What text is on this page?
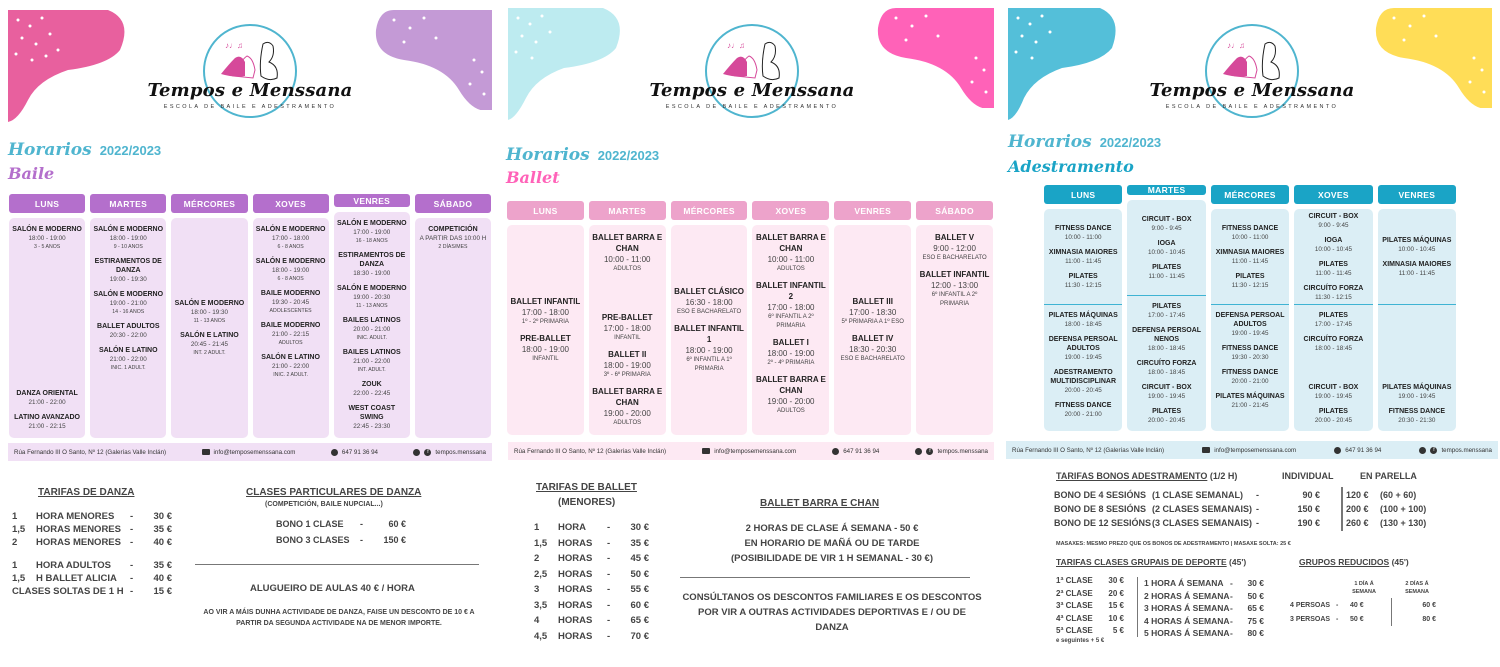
♪♩♫
Tempos e Menssana
ESCOLA DE BAILE E ADESTRAMENTO
Horarios 2022/2023
Baile
LUNS
SALÓN E MODERNO
18:00 - 19:00
3 - 5 ANOS
DANZA ORIENTAL
21:00 - 22:00
LATINO AVANZADO
21:00 - 22:15
MARTES
SALÓN E MODERNO
18:00 - 19:00
9 - 10 ANOS
ESTIRAMENTOS DE DANZA
19:00 - 19:30
SALÓN E MODERNO
19:00 - 21:00
14 - 16 ANOS
BALLET ADULTOS
20:30 - 22:00
SALÓN E LATINO
21:00 - 22:00
INIC. 1 ADULT.
MÉRCORES
SALÓN E MODERNO
18:00 - 19:30
11 - 13 ANOS
SALÓN E LATINO
20:45 - 21:45
INT. 2 ADULT.
XOVES
SALÓN E MODERNO
17:00 - 18:00
6 - 8 ANOS
SALÓN E MODERNO
18:00 - 19:00
6 - 8 ANOS
BAILE MODERNO
19:30 - 20:45
ADOLESCENTES
BAILE MODERNO
21:00 - 22:15
ADULTOS
SALÓN E LATINO
21:00 - 22:00
INIC. 2 ADULT.
VENRES
SALÓN E MODERNO
17:00 - 19:00
16 - 18 ANOS
ESTIRAMENTOS DE DANZA
18:30 - 19:00
SALÓN E MODERNO
19:00 - 20:30
11 - 13 ANOS
BAILES LATINOS
20:00 - 21:00
INIC. ADULT.
BAILES LATINOS
21:00 - 22:00
INT. ADULT.
ZOUK
22:00 - 22:45
WEST COAST SWING
22:45 - 23:30
SÁBADO
COMPETICIÓN
A PARTIR DAS 10:00 H
2 DÍAS/MES
Rúa Fernando III O Santo, Nº 12 (Galerías Valle Inclán)	info@temposemenssana.com	647 91 36 94	f	tempos.menssana
TARIFAS DE DANZA
1	HORA MENORES	-	30 €
1,5	HORAS MENORES -	35 €
2	HORAS MENORES -	40 €
1	HORA ADULTOS	-	35 €
1,5	H BALLET ALICIA	-	40 €
CLASES SOLTAS DE 1 H -	15 €
CLASES PARTICULARES DE DANZA
(COMPETICIÓN, BAILE NUPCIAL...)
BONO 1 CLASE	-	60 €
BONO 3 CLASES	-	150 €
ALUGUEIRO DE AULAS 40 € / HORA
AO VIR A MÁIS DUNHA ACTIVIDADE DE DANZA, FAISE UN DESCONTO DE 10 € A PARTIR DA SEGUNDA ACTIVIDADE NA DE MENOR IMPORTE.
♪♩♫
Tempos e Menssana
ESCOLA DE BAILE E ADESTRAMENTO
Horarios 2022/2023
Ballet
LUNS
BALLET INFANTIL
17:00 - 18:00
1º - 2º PRIMARIA
PRE-BALLET
18:00 - 19:00
INFANTIL
MARTES
BALLET BARRA E CHAN
10:00 - 11:00
ADULTOS
PRE-BALLET
17:00 - 18:00
INFANTIL
BALLET II
18:00 - 19:00
3º - 6º PRIMARIA
BALLET BARRA E CHAN
19:00 - 20:00
ADULTOS
MÉRCORES
BALLET CLÁSICO
16:30 - 18:00
ESO E BACHARELATO
BALLET INFANTIL 1
18:00 - 19:00
6º INFANTIL A 1º PRIMARIA
XOVES
BALLET BARRA E CHAN
10:00 - 11:00
ADULTOS
BALLET INFANTIL 2
17:00 - 18:00
6º INFANTIL A 2º PRIMARIA
BALLET I
18:00 - 19:00
2º - 4º PRIMARIA
BALLET BARRA E CHAN
19:00 - 20:00
ADULTOS
VENRES
BALLET III
17:00 - 18:30
5º PRIMARIA A 1º ESO
BALLET IV
18:30 - 20:30
ESO E BACHARELATO
SÁBADO
BALLET V
9:00 - 12:00
ESO E BACHARELATO
BALLET INFANTIL
12:00 - 13:00
6º INFANTIL A 2º PRIMARIA
Rúa Fernando III O Santo, Nº 12 (Galerías Valle Inclán)	info@temposemenssana.com	647 91 36 94	f	tempos.menssana
TARIFAS DE BALLET
(MENORES)
1	HORA	-	30 €
1,5	HORAS	-	35 €
2	HORAS	-	45 €
2,5	HORAS	-	50 €
3	HORAS	-	55 €
3,5	HORAS	-	60 €
4	HORAS	-	65 €
4,5	HORAS	-	70 €
BALLET BARRA E CHAN
2 HORAS DE CLASE Á SEMANA - 50 €
EN HORARIO DE MAÑÁ OU DE TARDE
(POSIBILIDADE DE VIR 1 H SEMANAL - 30 €)
CONSÚLTANOS OS DESCONTOS FAMILIARES E OS DESCONTOS POR VIR A OUTRAS ACTIVIDADES DEPORTIVAS E / OU DE DANZA
♪♩♫
Tempos e Menssana
ESCOLA DE BAILE E ADESTRAMENTO
Horarios 2022/2023
Adestramento
LUNS
FITNESS DANCE
10:00 - 11:00
XIMNASIA MAIORES
11:00 - 11:45
PILATES
11:30 - 12:15
PILATES MÁQUINAS
18:00 - 18:45
DEFENSA PERSOAL ADULTOS
19:00 - 19:45
ADESTRAMENTO MULTIDISCIPLINAR
20:00 - 20:45
FITNESS DANCE
20:00 - 21:00
MARTES
CIRCUIT - BOX
9:00 - 9:45
IOGA
10:00 - 10:45
PILATES
11:00 - 11:45
PILATES
17:00 - 17:45
DEFENSA PERSOAL NENOS
18:00 - 18:45
CIRCUÍTO FORZA
18:00 - 18:45
CIRCUIT - BOX
19:00 - 19:45
PILATES
20:00 - 20:45
MÉRCORES
FITNESS DANCE
10:00 - 11:00
XIMNASIA MAIORES
11:00 - 11:45
PILATES
11:30 - 12:15
DEFENSA PERSOAL ADULTOS
19:00 - 19:45
FITNESS DANCE
19:30 - 20:30
FITNESS DANCE
20:00 - 21:00
PILATES MÁQUINAS
21:00 - 21:45
XOVES
CIRCUIT - BOX
9:00 - 9:45
IOGA
10:00 - 10:45
PILATES
11:00 - 11:45
CIRCUÍTO FORZA
11:30 - 12:15
PILATES
17:00 - 17:45
CIRCUÍTO FORZA
18:00 - 18:45
CIRCUIT - BOX
19:00 - 19:45
PILATES
20:00 - 20:45
VENRES
PILATES MÁQUINAS
10:00 - 10:45
XIMNASIA MAIORES
11:00 - 11:45
PILATES MÁQUINAS
19:00 - 19:45
FITNESS DANCE
20:30 - 21:30
Rúa Fernando III O Santo, Nº 12 (Galerías Valle Inclán)	info@temposemenssana.com	647 91 36 94	f	tempos.menssana
TARIFAS BONOS ADESTRAMENTO (1/2 H)	INDIVIDUAL	EN PARELLA
BONO DE 4 SESIÓNS (1 CLASE SEMANAL)	-	90 €	120 €	(60 + 60)
BONO DE 8 SESIÓNS (2 CLASES SEMANAIS) -	150 €	200 €	(100 + 100)
BONO DE 12 SESIÓNS (3 CLASES SEMANAIS) -	190 €	260 €	(130 + 130)
MASAXES: MESMO PREZO QUE OS BONOS DE ADESTRAMENTO | MASAXE SOLTA: 25 €
TARIFAS CLASES GRUPAIS DE DEPORTE (45')
1ª CLASE	30 €
2ª CLASE	20 €
3ª CLASE	15 €
4ª CLASE	10 €
5ª CLASE	5 €
e seguintes + 5 €
1 HORA Á SEMANA -	30 €
2 HORAS Á SEMANA -	50 €
3 HORAS Á SEMANA -	65 €
4 HORAS Á SEMANA -	75 €
5 HORAS Á SEMANA -	80 €
GRUPOS REDUCIDOS (45')
1 DÍA Á SEMANA
2 DÍAS Á SEMANA
4 PERSOAS -	40 €	60 €
3 PERSOAS -	50 €	80 €
